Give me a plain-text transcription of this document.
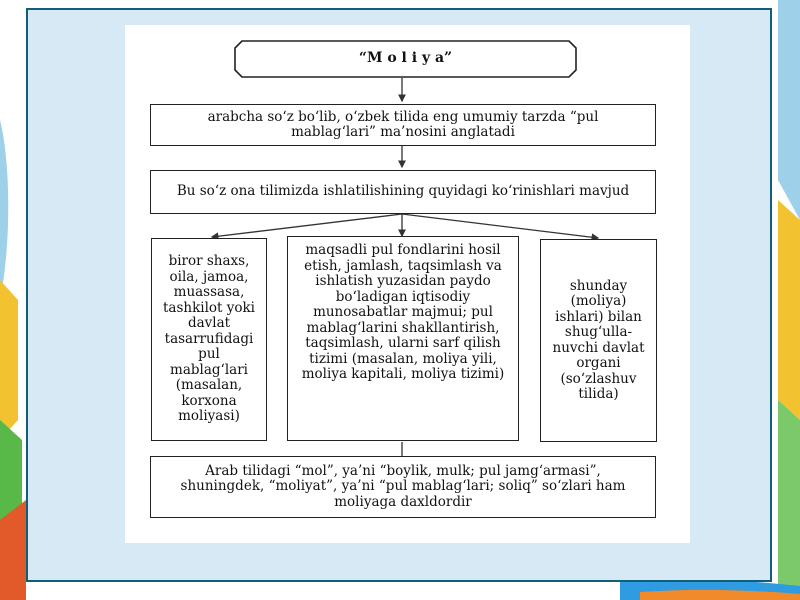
“M o l i y a”
arabcha so‘z bo‘lib, o‘zbek tilida eng umumiy tarzda “pul mablag‘lari” ma’nosini anglatadi
Bu so‘z ona tilimizda ishlatilishining quyidagi ko‘rinishlari mavjud
biror shaxs, oila, jamoa, muassasa, tashkilot yoki davlat tasarrufidagi pul mablag‘lari (masalan, korxona moliyasi)
maqsadli pul fondlarini hosil etish, jamlash, taqsimlash va ishlatish yuzasidan paydo bo‘ladigan iqtisodiy munosabatlar majmui; pul mablag‘larini shakllantirish, taqsimlash, ularni sarf qilish tizimi (masalan, moliya yili, moliya kapitali, moliya tizimi)
shunday (moliya) ishlari) bilan shug‘ulla-nuvchi davlat organi (so‘zlashuv tilida)
Arab tilidagi “mol”, ya’ni “boylik, mulk; pul jamg‘armasi”, shuningdek, “moliyat”, ya’ni “pul mablag‘lari; soliq” so‘zlari ham moliyaga daxldordir
